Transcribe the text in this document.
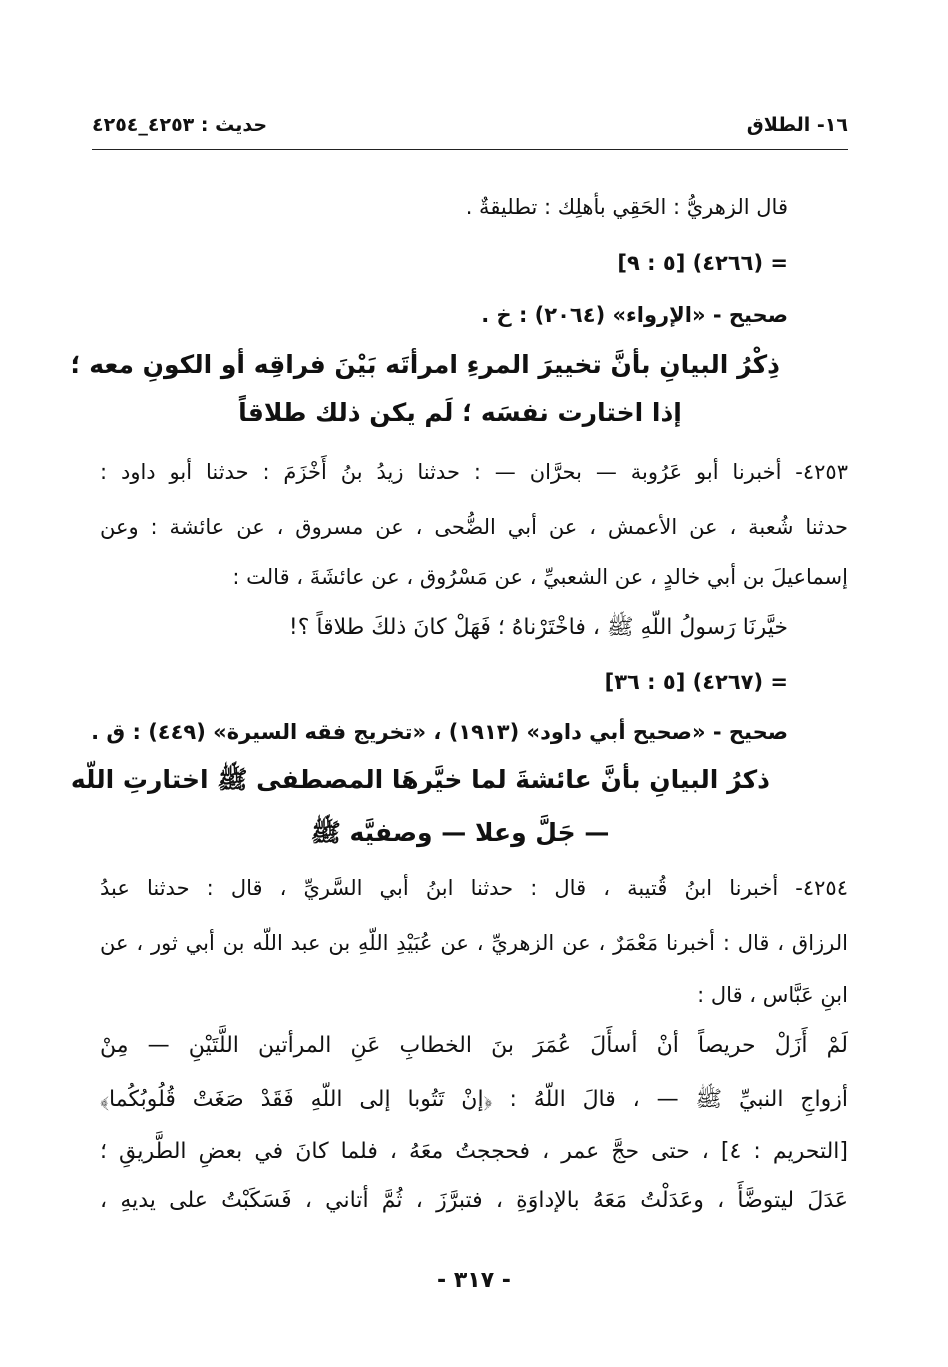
١٦- الطلاق
حديث : ٤٢٥٣_٤٢٥٤
قال الزهريُّ : الحَقِي بأهلِك : تطليقةٌ .
= (٤٢٦٦) [٥ : ٩]
صحيح - «الإرواء» (٢٠٦٤) : خ .
ذِكْرُ البيانِ بأنَّ تخييرَ المرءِ امرأتَه بَيْنَ فراقِه أو الكونِ معه ؛
إذا اختارت نفسَه ؛ لَم يكن ذلك طلاقاً
٤٢٥٣- أخبرنا أبو عَرُوبة — بحرَّان — : حدثنا زيدُ بنُ أَخْزَمَ : حدثنا أبو داود :
حدثنا شُعبة ، عن الأعمش ، عن أبي الضُّحى ، عن مسروق ، عن عائشة : وعن
إسماعيلَ بن أبي خالدٍ ، عن الشعبيِّ ، عن مَسْرُوق ، عن عائشَةَ ، قالت :
خيَّرنَا رَسولُ اللّهِ ﷺ ، فاخْتَرْناهُ ؛ فَهَلْ كانَ ذلكَ طلاقاً ؟!
= (٤٢٦٧) [٥ : ٣٦]
صحيح - «صحيح أبي داود» (١٩١٣) ، «تخريج فقه السيرة» (٤٤٩) : ق .
ذكرُ البيانِ بأنَّ عائشةَ لما خيَّرهَا المصطفى ﷺ اختارتِ اللّه
— جَلَّ وعلا — وصفيَّه ﷺ
٤٢٥٤- أخبرنا ابنُ قُتيبة ، قال : حدثنا ابنُ أبي السَّريِّ ، قال : حدثنا عبدُ
الرزاق ، قال : أخبرنا مَعْمَرٌ ، عن الزهريِّ ، عن عُبَيْدِ اللّهِ بن عبد اللّه بن أبي ثور ، عن
ابنِ عَبَّاس ، قال :
لَمْ أَزَلْ حريصاً أنْ أسأَلَ عُمَرَ بنَ الخطابِ عَنِ المرأتين اللَّتَيْنِ — مِنْ
أزواجِ النبيِّ ﷺ — ، قالَ اللّهُ : ﴿إنْ تَتُوبا إلى اللّهِ فَقَدْ صَغَتْ قُلُوبُكُما﴾
[التحريم : ٤] ، حتى حجَّ عمر ، فحججتُ معَهُ ، فلما كانَ في بعضِ الطَّريقِ ؛
عَدَلَ ليتوضَّأَ ، وعَدَلْتُ مَعَهُ بالإداوَةِ ، فتبرَّزَ ، ثُمَّ أتاني ، فَسَكَبْتُ على يديهِ ،
- ٣١٧ -
